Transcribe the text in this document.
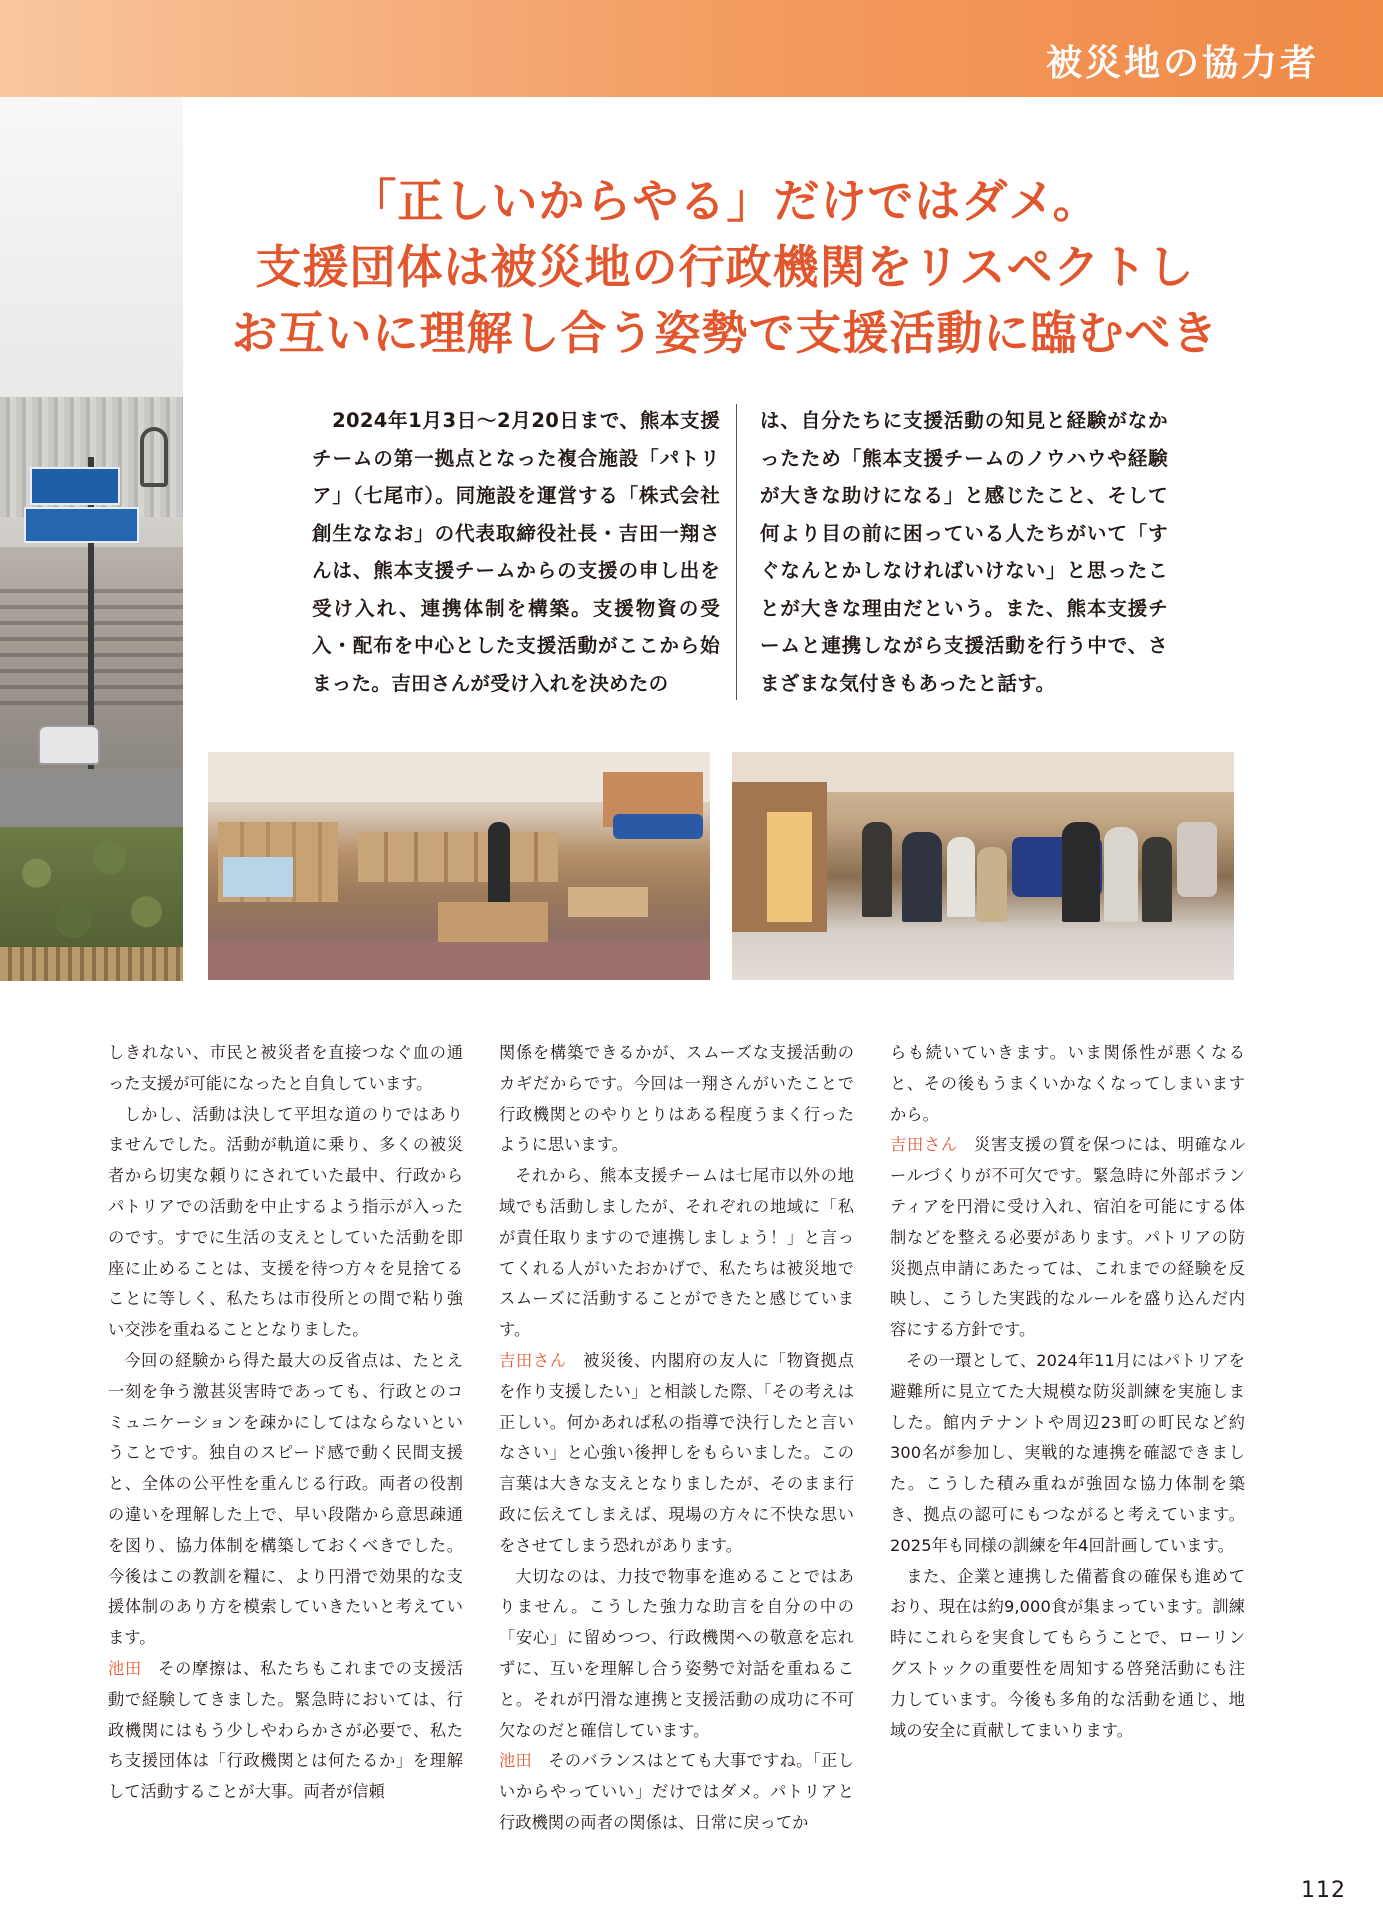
被災地の協力者
「正しいからやる」だけではダメ。
支援団体は被災地の行政機関をリスペクトし
お互いに理解し合う姿勢で支援活動に臨むべき
　2024年1月3日～2月20日まで、熊本支援チームの第一拠点となった複合施設「パトリア」（七尾市）。同施設を運営する「株式会社創生ななお」の代表取締役社長・吉田一翔さんは、熊本支援チームからの支援の申し出を受け入れ、連携体制を構築。支援物資の受入・配布を中心とした支援活動がここから始まった。吉田さんが受け入れを決めたの
は、自分たちに支援活動の知見と経験がなかったため「熊本支援チームのノウハウや経験が大きな助けになる」と感じたこと、そして何より目の前に困っている人たちがいて「すぐなんとかしなければいけない」と思ったことが大きな理由だという。また、熊本支援チームと連携しながら支援活動を行う中で、さまざまな気付きもあったと話す。

しきれない、市民と被災者を直接つなぐ血の通った支援が可能になったと自負しています。

しかし、活動は決して平坦な道のりではありませんでした。活動が軌道に乗り、多くの被災者から切実な頼りにされていた最中、行政からパトリアでの活動を中止するよう指示が入ったのです。すでに生活の支えとしていた活動を即座に止めることは、支援を待つ方々を見捨てることに等しく、私たちは市役所との間で粘り強い交渉を重ねることとなりました。

今回の経験から得た最大の反省点は、たとえ一刻を争う激甚災害時であっても、行政とのコミュニケーションを疎かにしてはならないということです。独自のスピード感で動く民間支援と、全体の公平性を重んじる行政。両者の役割の違いを理解した上で、早い段階から意思疎通を図り、協力体制を構築しておくべきでした。今後はこの教訓を糧に、より円滑で効果的な支援体制のあり方を模索していきたいと考えています。

池田 その摩擦は、私たちもこれまでの支援活動で経験してきました。緊急時においては、行政機関にはもう少しやわらかさが必要で、私たち支援団体は「行政機関とは何たるか」を理解して活動することが大事。両者が信頼

関係を構築できるかが、スムーズな支援活動のカギだからです。今回は一翔さんがいたことで行政機関とのやりとりはある程度うまく行ったように思います。

それから、熊本支援チームは七尾市以外の地域でも活動しましたが、それぞれの地域に「私が責任取りますので連携しましょう！」と言ってくれる人がいたおかげで、私たちは被災地でスムーズに活動することができたと感じています。

吉田さん 被災後、内閣府の友人に「物資拠点を作り支援したい」と相談した際、「その考えは正しい。何かあれば私の指導で決行したと言いなさい」と心強い後押しをもらいました。この言葉は大きな支えとなりましたが、そのまま行政に伝えてしまえば、現場の方々に不快な思いをさせてしまう恐れがあります。

大切なのは、力技で物事を進めることではありません。こうした強力な助言を自分の中の「安心」に留めつつ、行政機関への敬意を忘れずに、互いを理解し合う姿勢で対話を重ねること。それが円滑な連携と支援活動の成功に不可欠なのだと確信しています。

池田 そのバランスはとても大事ですね。「正しいからやっていい」だけではダメ。パトリアと行政機関の両者の関係は、日常に戻ってか

らも続いていきます。いま関係性が悪くなると、その後もうまくいかなくなってしまいますから。

吉田さん 災害支援の質を保つには、明確なルールづくりが不可欠です。緊急時に外部ボランティアを円滑に受け入れ、宿泊を可能にする体制などを整える必要があります。パトリアの防災拠点申請にあたっては、これまでの経験を反映し、こうした実践的なルールを盛り込んだ内容にする方針です。

その一環として、2024年11月にはパトリアを避難所に見立てた大規模な防災訓練を実施しました。館内テナントや周辺23町の町民など約300名が参加し、実戦的な連携を確認できました。こうした積み重ねが強固な協力体制を築き、拠点の認可にもつながると考えています。2025年も同様の訓練を年4回計画しています。

また、企業と連携した備蓄食の確保も進めており、現在は約9,000食が集まっています。訓練時にこれらを実食してもらうことで、ローリングストックの重要性を周知する啓発活動にも注力しています。今後も多角的な活動を通じ、地域の安全に貢献してまいります。

112
